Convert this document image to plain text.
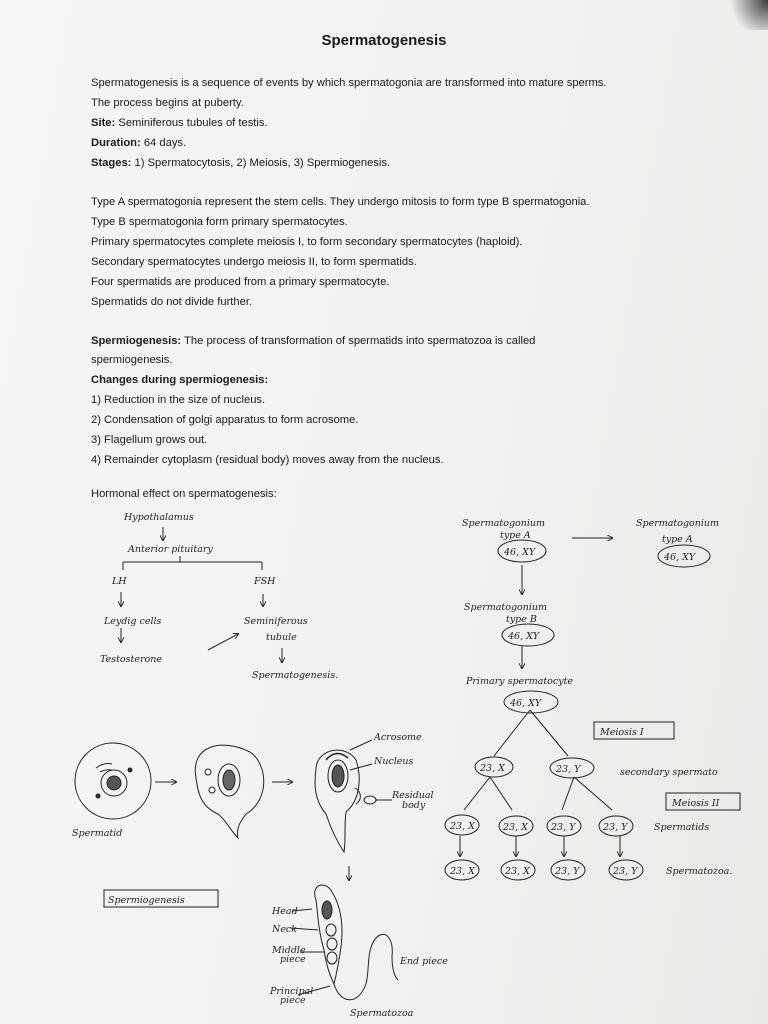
Spermatogenesis
Spermatogenesis is a sequence of events by which spermatogonia are transformed into mature sperms.
The process begins at puberty.
Site: Seminiferous tubules of testis.
Duration: 64 days.
Stages: 1) Spermatocytosis, 2) Meiosis, 3) Spermiogenesis.
Type A spermatogonia represent the stem cells. They undergo mitosis to form type B spermatogonia.
Type B spermatogonia form primary spermatocytes.
Primary spermatocytes complete meiosis I, to form secondary spermatocytes (haploid).
Secondary spermatocytes undergo meiosis II, to form spermatids.
Four spermatids are produced from a primary spermatocyte.
Spermatids do not divide further.
Spermiogenesis: The process of transformation of spermatids into spermatozoa is called
spermiogenesis.
Changes during spermiogenesis:
1) Reduction in the size of nucleus.
2) Condensation of golgi apparatus to form acrosome.
3) Flagellum grows out.
4) Remainder cytoplasm (residual body) moves away from the nucleus.
Hormonal effect on spermatogenesis:
Hypothalamus
Anterior pituitary
LH	FSH
Leydig cells	Seminiferous
tubule
Testosterone
Spermatogenesis.
Spermatogonium
type A
46, XY
Spermatogonium
type A
46, XY
Spermatogonium
type B
46, XY
Primary spermatocyte
46, XY
Meiosis I
Meiosis II
23, X	23, Y	secondary spermato
23, X	23, X 23, Y	23, Y	Spermatids
23, X	23, X	23, Y	23, Y	Spermatozoa.
Spermatid
Acrosome
Nucleus
Residual
body
Spermiogenesis
Head
Neck
Middle
piece
Principal
piece
End piece
Spermatozoa
